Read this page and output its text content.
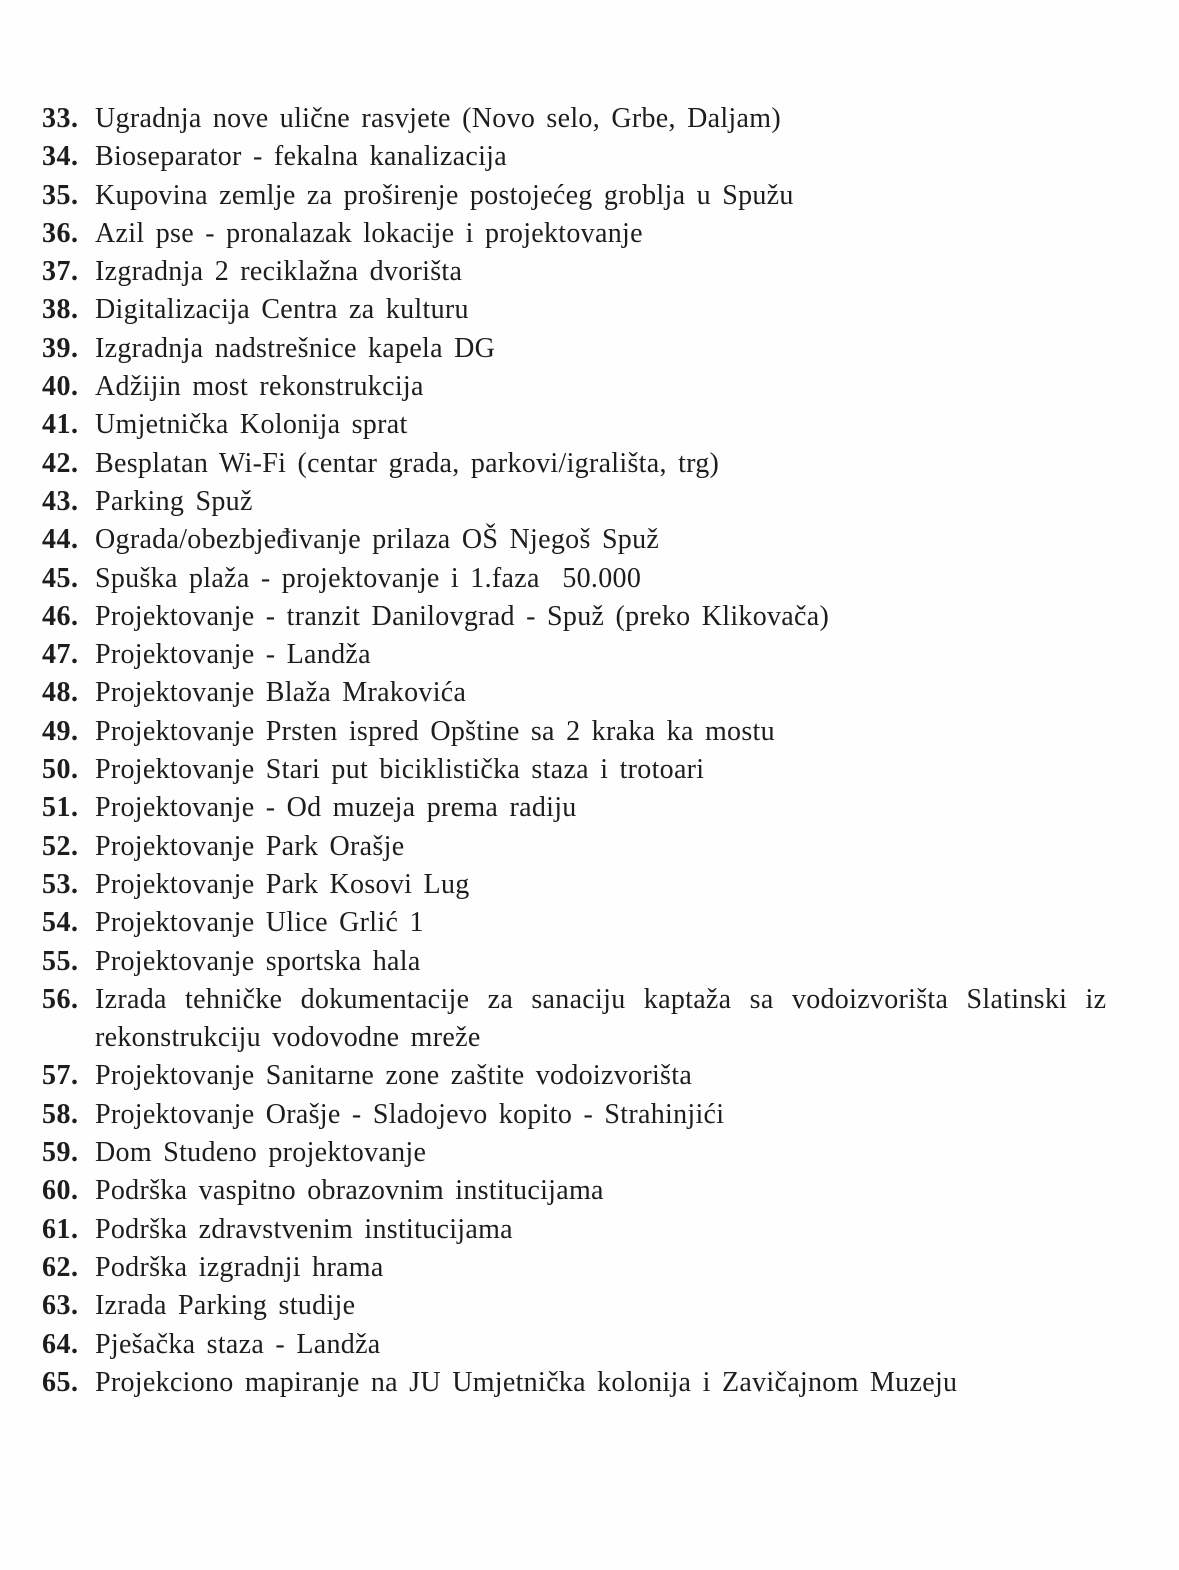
33. Ugradnja nove ulične rasvjete (Novo selo, Grbe, Daljam)
34. Bioseparator - fekalna kanalizacija
35. Kupovina zemlje za proširenje postojećeg groblja u Spužu
36. Azil pse - pronalazak lokacije i projektovanje
37. Izgradnja 2 reciklažna dvorišta
38. Digitalizacija Centra za kulturu
39. Izgradnja nadstrešnice kapela DG
40. Adžijin most rekonstrukcija
41. Umjetnička Kolonija sprat
42. Besplatan Wi-Fi (centar grada, parkovi/igrališta, trg)
43. Parking Spuž
44. Ograda/obezbjeđivanje prilaza OŠ Njegoš Spuž
45. Spuška plaža - projektovanje i 1.faza  50.000
46. Projektovanje - tranzit Danilovgrad - Spuž (preko Klikovača)
47. Projektovanje - Landža
48. Projektovanje Blaža Mrakovića
49. Projektovanje Prsten ispred Opštine sa 2 kraka ka mostu
50. Projektovanje Stari put biciklistička staza i trotoari
51. Projektovanje - Od muzeja prema radiju
52. Projektovanje Park Orašje
53. Projektovanje Park Kosovi Lug
54. Projektovanje Ulice Grlić 1
55. Projektovanje sportska hala
56. Izrada tehničke dokumentacije za sanaciju kaptaža sa vodoizvorišta Slatinski iz
rekonstrukciju vodovodne mreže
57. Projektovanje Sanitarne zone zaštite vodoizvorišta
58. Projektovanje Orašje - Sladojevo kopito - Strahinjići
59. Dom Studeno projektovanje
60. Podrška vaspitno obrazovnim institucijama
61. Podrška zdravstvenim institucijama
62. Podrška izgradnji hrama
63. Izrada Parking studije
64. Pješačka staza - Landža
65. Projekciono mapiranje na JU Umjetnička kolonija i Zavičajnom Muzeju
